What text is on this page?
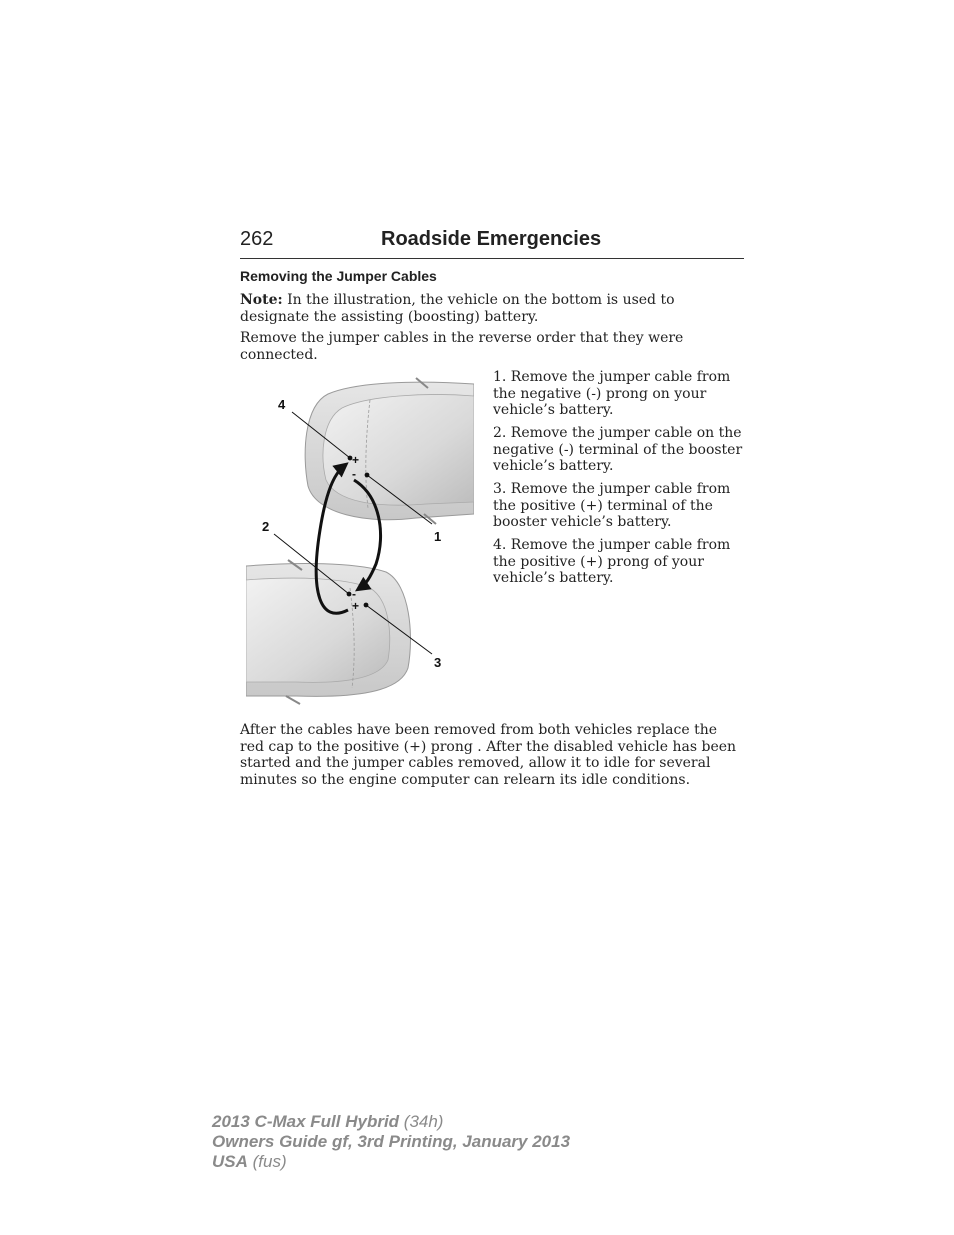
262	Roadside Emergencies
Removing the Jumper Cables

Note: In the illustration, the vehicle on the bottom is used to designate the assisting (boosting) battery.

Remove the jumper cables in the reverse order that they were connected.

+
-
-
+
1
2
3
4

1. Remove the jumper cable from the negative (-) prong on your vehicle’s battery.

2. Remove the jumper cable on the negative (-) terminal of the booster vehicle’s battery.

3. Remove the jumper cable from the positive (+) terminal of the booster vehicle’s battery.

4. Remove the jumper cable from the positive (+) prong of your vehicle’s battery.

After the cables have been removed from both vehicles replace the red cap to the positive (+) prong . After the disabled vehicle has been started and the jumper cables removed, allow it to idle for several minutes so the engine computer can relearn its idle conditions.

2013 C-Max Full Hybrid (34h)
Owners Guide gf, 3rd Printing, January 2013
USA (fus)
